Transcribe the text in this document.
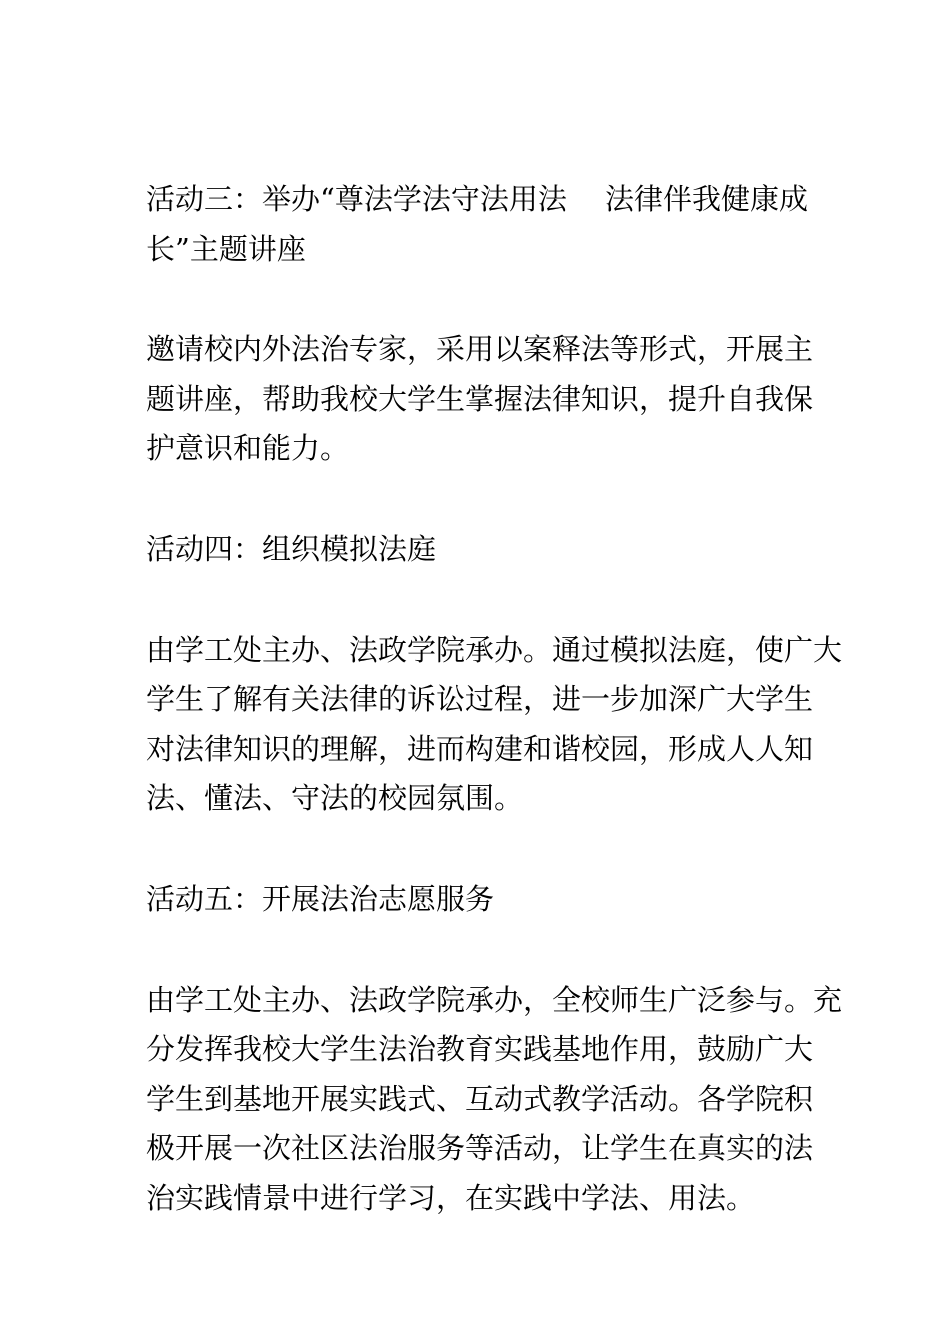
活动三：举办“尊法学法守法用法　 法律伴我健康成
长”主题讲座

邀请校内外法治专家，采用以案释法等形式，开展主
题讲座，帮助我校大学生掌握法律知识，提升自我保
护意识和能力。

活动四：组织模拟法庭

由学工处主办、法政学院承办。通过模拟法庭，使广大
学生了解有关法律的诉讼过程，进一步加深广大学生
对法律知识的理解，进而构建和谐校园，形成人人知
法、懂法、守法的校园氛围。

活动五：开展法治志愿服务

由学工处主办、法政学院承办，全校师生广泛参与。充
分发挥我校大学生法治教育实践基地作用，鼓励广大
学生到基地开展实践式、互动式教学活动。各学院积
极开展一次社区法治服务等活动，让学生在真实的法
治实践情景中进行学习，在实践中学法、用法。
